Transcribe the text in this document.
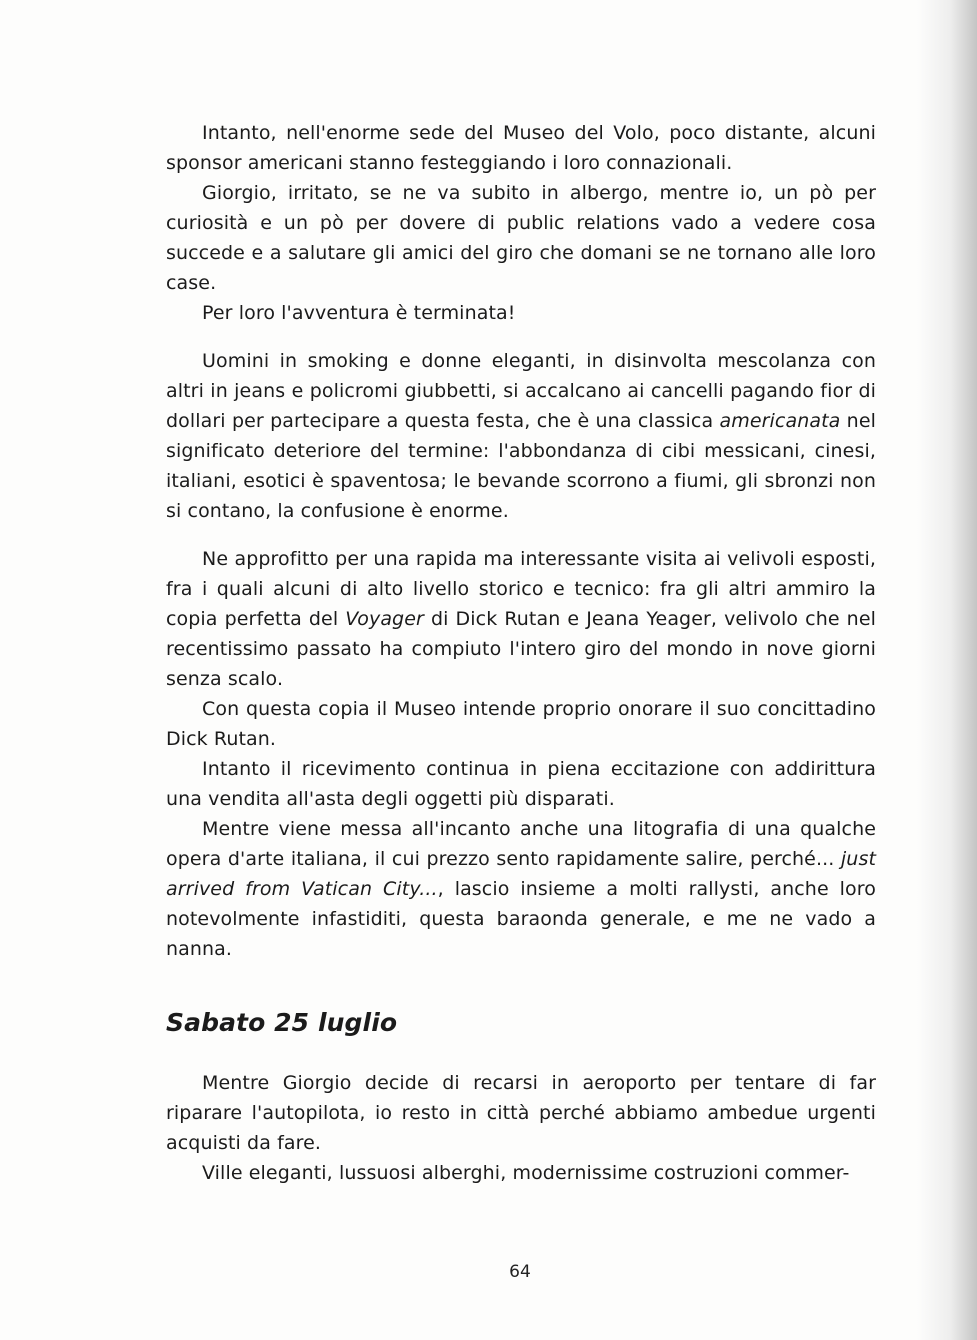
Intanto, nell'enorme sede del Museo del Volo, poco distante, alcuni sponsor americani stanno festeggiando i loro connazionali.

Giorgio, irritato, se ne va subito in albergo, mentre io, un pò per curiosità e un pò per dovere di public relations vado a vedere cosa succede e a salutare gli amici del giro che domani se ne tornano alle loro case.

Per loro l'avventura è terminata!

Uomini in smoking e donne eleganti, in disinvolta mescolanza con altri in jeans e policromi giubbetti, si accalcano ai cancelli pagando fior di dollari per partecipare a questa festa, che è una classica americanata nel significato deteriore del termine: l'abbondanza di cibi messicani, cinesi, italiani, esotici è spaventosa; le bevande scorrono a fiumi, gli sbronzi non si contano, la confusione è enorme.

Ne approfitto per una rapida ma interessante visita ai velivoli esposti, fra i quali alcuni di alto livello storico e tecnico: fra gli altri ammiro la copia perfetta del Voyager di Dick Rutan e Jeana Yeager, velivolo che nel recentissimo passato ha compiuto l'intero giro del mondo in nove giorni senza scalo.

Con questa copia il Museo intende proprio onorare il suo concittadino Dick Rutan.

Intanto il ricevimento continua in piena eccitazione con addirittura una vendita all'asta degli oggetti più disparati.

Mentre viene messa all'incanto anche una litografia di una qualche opera d'arte italiana, il cui prezzo sento rapidamente salire, perché... just arrived from Vatican City..., lascio insieme a molti rallysti, anche loro notevolmente infastiditi, questa baraonda generale, e me ne vado a nanna.

Sabato 25 luglio

Mentre Giorgio decide di recarsi in aeroporto per tentare di far riparare l'autopilota, io resto in città perché abbiamo ambedue urgenti acquisti da fare.

Ville eleganti, lussuosi alberghi, modernissime costruzioni commer-

64
